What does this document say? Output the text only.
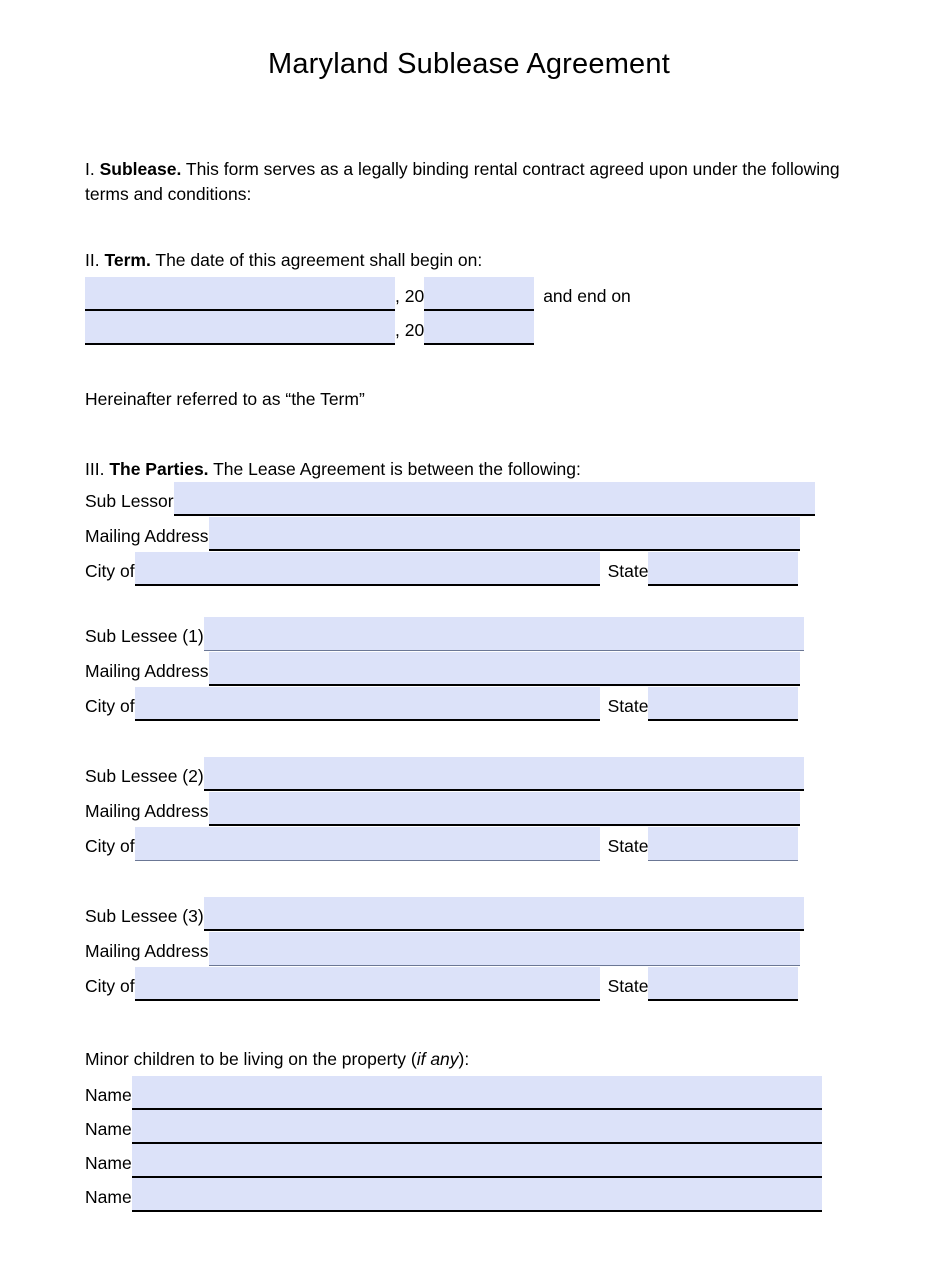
Maryland Sublease Agreement
I. Sublease. This form serves as a legally binding rental contract agreed upon under the following terms and conditions:
II. Term. The date of this agreement shall begin on:
, 20	and end on
, 20
Hereinafter referred to as “the Term”
III. The Parties. The Lease Agreement is between the following:
Sub Lessor
Mailing Address
City of	State
Sub Lessee (1)
Mailing Address
City of	State
Sub Lessee (2)
Mailing Address
City of	State
Sub Lessee (3)
Mailing Address
City of	State
Minor children to be living on the property (if any):
Name
Name
Name
Name
